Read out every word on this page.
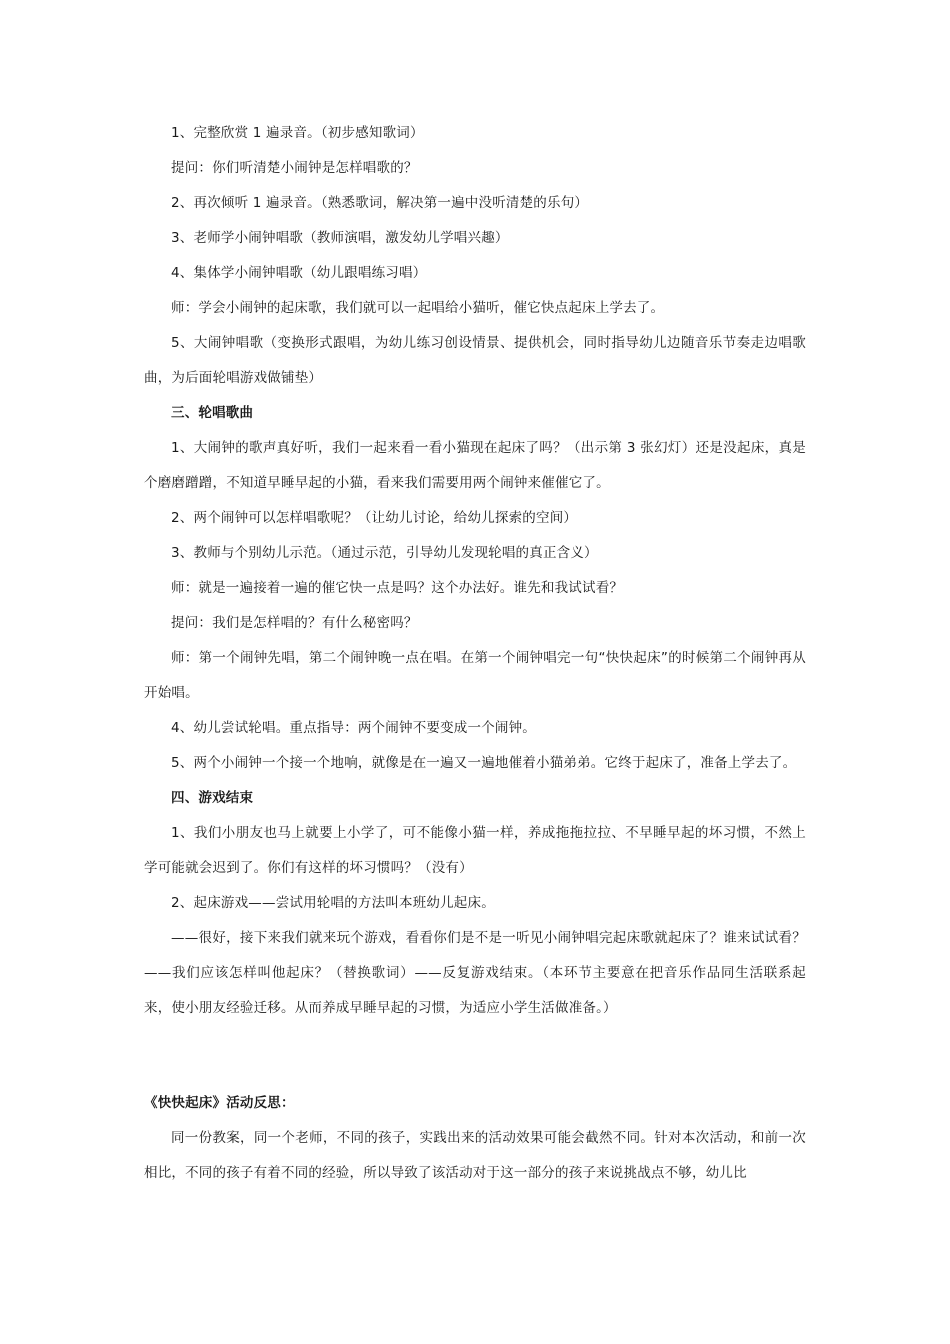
1、完整欣赏 1 遍录音。（初步感知歌词）

提问：你们听清楚小闹钟是怎样唱歌的？

2、再次倾听 1 遍录音。（熟悉歌词，解决第一遍中没听清楚的乐句）

3、老师学小闹钟唱歌（教师演唱，激发幼儿学唱兴趣）

4、集体学小闹钟唱歌（幼儿跟唱练习唱）

师：学会小闹钟的起床歌，我们就可以一起唱给小猫听，催它快点起床上学去了。

5、大闹钟唱歌（变换形式跟唱，为幼儿练习创设情景、提供机会，同时指导幼儿边随音乐节奏走边唱歌曲，为后面轮唱游戏做铺垫）

三、轮唱歌曲

1、大闹钟的歌声真好听，我们一起来看一看小猫现在起床了吗？（出示第 3 张幻灯）还是没起床，真是个磨磨蹭蹭，不知道早睡早起的小猫，看来我们需要用两个闹钟来催催它了。

2、两个闹钟可以怎样唱歌呢？（让幼儿讨论，给幼儿探索的空间）

3、教师与个别幼儿示范。（通过示范，引导幼儿发现轮唱的真正含义）

师：就是一遍接着一遍的催它快一点是吗？这个办法好。谁先和我试试看？

提问：我们是怎样唱的？有什么秘密吗？

师：第一个闹钟先唱，第二个闹钟晚一点在唱。在第一个闹钟唱完一句“快快起床”的时候第二个闹钟再从开始唱。

4、幼儿尝试轮唱。重点指导：两个闹钟不要变成一个闹钟。

5、两个小闹钟一个接一个地响，就像是在一遍又一遍地催着小猫弟弟。它终于起床了，准备上学去了。

四、游戏结束

1、我们小朋友也马上就要上小学了，可不能像小猫一样，养成拖拖拉拉、不早睡早起的坏习惯，不然上学可能就会迟到了。你们有这样的坏习惯吗？（没有）

2、起床游戏——尝试用轮唱的方法叫本班幼儿起床。

——很好，接下来我们就来玩个游戏，看看你们是不是一听见小闹钟唱完起床歌就起床了？谁来试试看？——我们应该怎样叫他起床？（替换歌词）——反复游戏结束。（本环节主要意在把音乐作品同生活联系起来，使小朋友经验迁移。从而养成早睡早起的习惯，为适应小学生活做准备。）

《快快起床》活动反思：

同一份教案，同一个老师，不同的孩子，实践出来的活动效果可能会截然不同。针对本次活动，和前一次相比，不同的孩子有着不同的经验，所以导致了该活动对于这一部分的孩子来说挑战点不够，幼儿比
